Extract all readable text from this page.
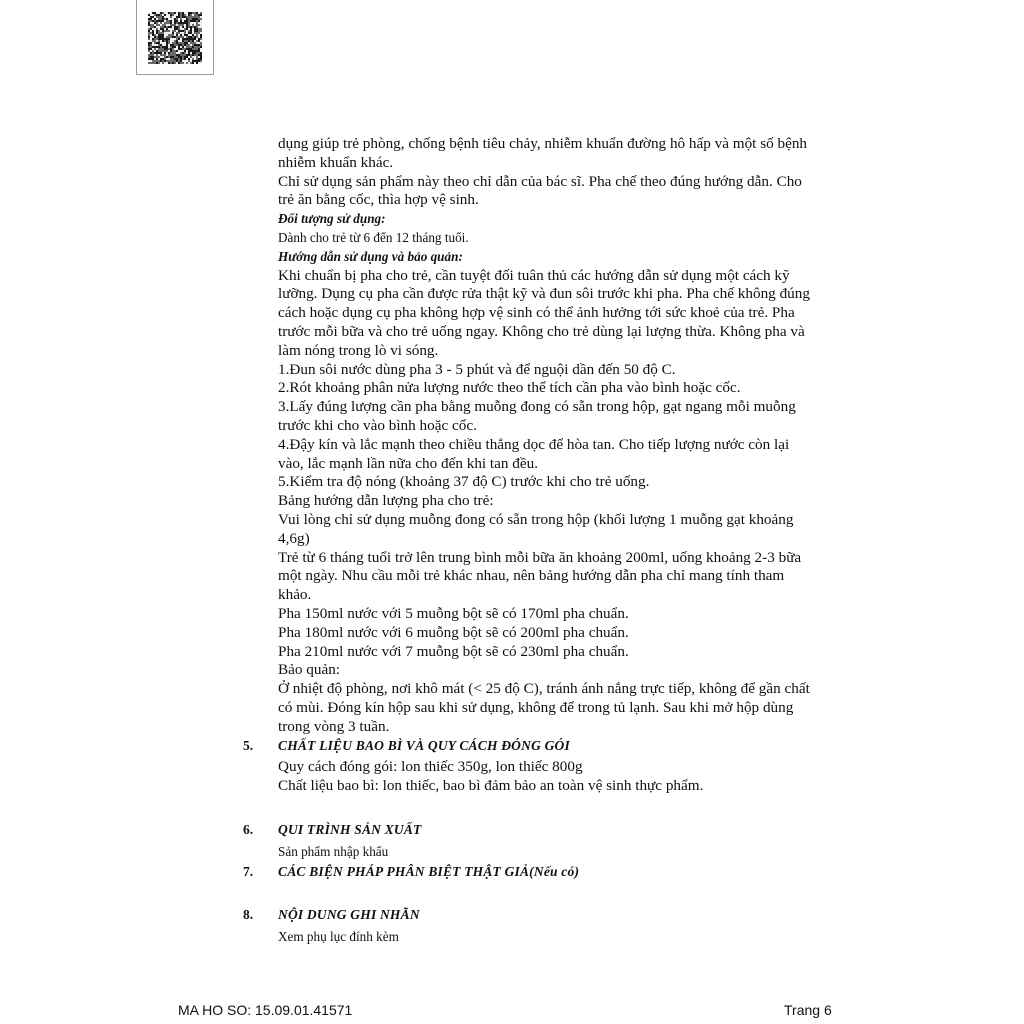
dụng giúp trẻ phòng, chống bệnh tiêu chảy, nhiễm khuẩn đường hô hấp và một số bệnh
nhiễm khuẩn khác.
Chỉ sử dụng sản phẩm này theo chỉ dẫn của bác sĩ. Pha chế theo đúng hướng dẫn. Cho
trẻ ăn bằng cốc, thìa hợp vệ sinh.
Đối tượng sử dụng:
Dành cho trẻ từ 6 đến 12 tháng tuổi.
Hướng dẫn sử dụng và bảo quản:
Khi chuẩn bị pha cho trẻ, cần tuyệt đối tuân thủ các hướng dẫn sử dụng một cách kỹ
lưỡng. Dụng cụ pha cần được rửa thật kỹ và đun sôi trước khi pha. Pha chế không đúng
cách hoặc dụng cụ pha không hợp vệ sinh có thể ảnh hưởng tới sức khoẻ của trẻ. Pha
trước mỗi bữa và cho trẻ uống ngay. Không cho trẻ dùng lại lượng thừa. Không pha và
làm nóng trong lò vi sóng.
1.Đun sôi nước dùng pha 3 - 5 phút và để nguội dần đến 50 độ C.
2.Rót khoảng phân nửa lượng nước theo thể tích cần pha vào bình hoặc cốc.
3.Lấy đúng lượng cần pha bằng muỗng đong có sẵn trong hộp, gạt ngang mỗi muỗng
trước khi cho vào bình hoặc cốc.
4.Đậy kín và lắc mạnh theo chiều thẳng dọc để hòa tan. Cho tiếp lượng nước còn lại
vào, lắc mạnh lần nữa cho đến khi tan đều.
5.Kiểm tra độ nóng (khoảng 37 độ C) trước khi cho trẻ uống.
Bảng hướng dẫn lượng pha cho trẻ:
Vui lòng chỉ sử dụng muỗng đong có sẵn trong hộp (khối lượng 1 muỗng gạt khoảng
4,6g)
Trẻ từ 6 tháng tuổi trở lên trung bình mỗi bữa ăn khoảng 200ml, uống khoảng 2-3 bữa
một ngày. Nhu cầu mỗi trẻ khác nhau, nên bảng hướng dẫn pha chỉ mang tính tham
khảo.
Pha 150ml nước với 5 muỗng bột sẽ có 170ml pha chuẩn.
Pha 180ml nước với 6 muỗng bột sẽ có 200ml pha chuẩn.
Pha 210ml nước với 7 muỗng bột sẽ có 230ml pha chuẩn.
Bảo quản:
Ở nhiệt độ phòng, nơi khô mát (< 25 độ C), tránh ánh nắng trực tiếp, không để gần chất
có mùi. Đóng kín hộp sau khi sử dụng, không để trong tủ lạnh. Sau khi mở hộp dùng
trong vòng 3 tuần.
5. CHẤT LIỆU BAO BÌ VÀ QUY CÁCH ĐÓNG GÓI
Quy cách đóng gói: lon thiếc 350g, lon thiếc 800g
Chất liệu bao bì: lon thiếc, bao bì đảm bảo an toàn vệ sinh thực phẩm.
6. QUI TRÌNH SẢN XUẤT
Sản phẩm nhập khẩu
7. CÁC BIỆN PHÁP PHÂN BIỆT THẬT GIẢ(Nếu có)
8. NỘI DUNG GHI NHÃN
Xem phụ lục đính kèm
MA HO SO: 15.09.01.41571	Trang 6
